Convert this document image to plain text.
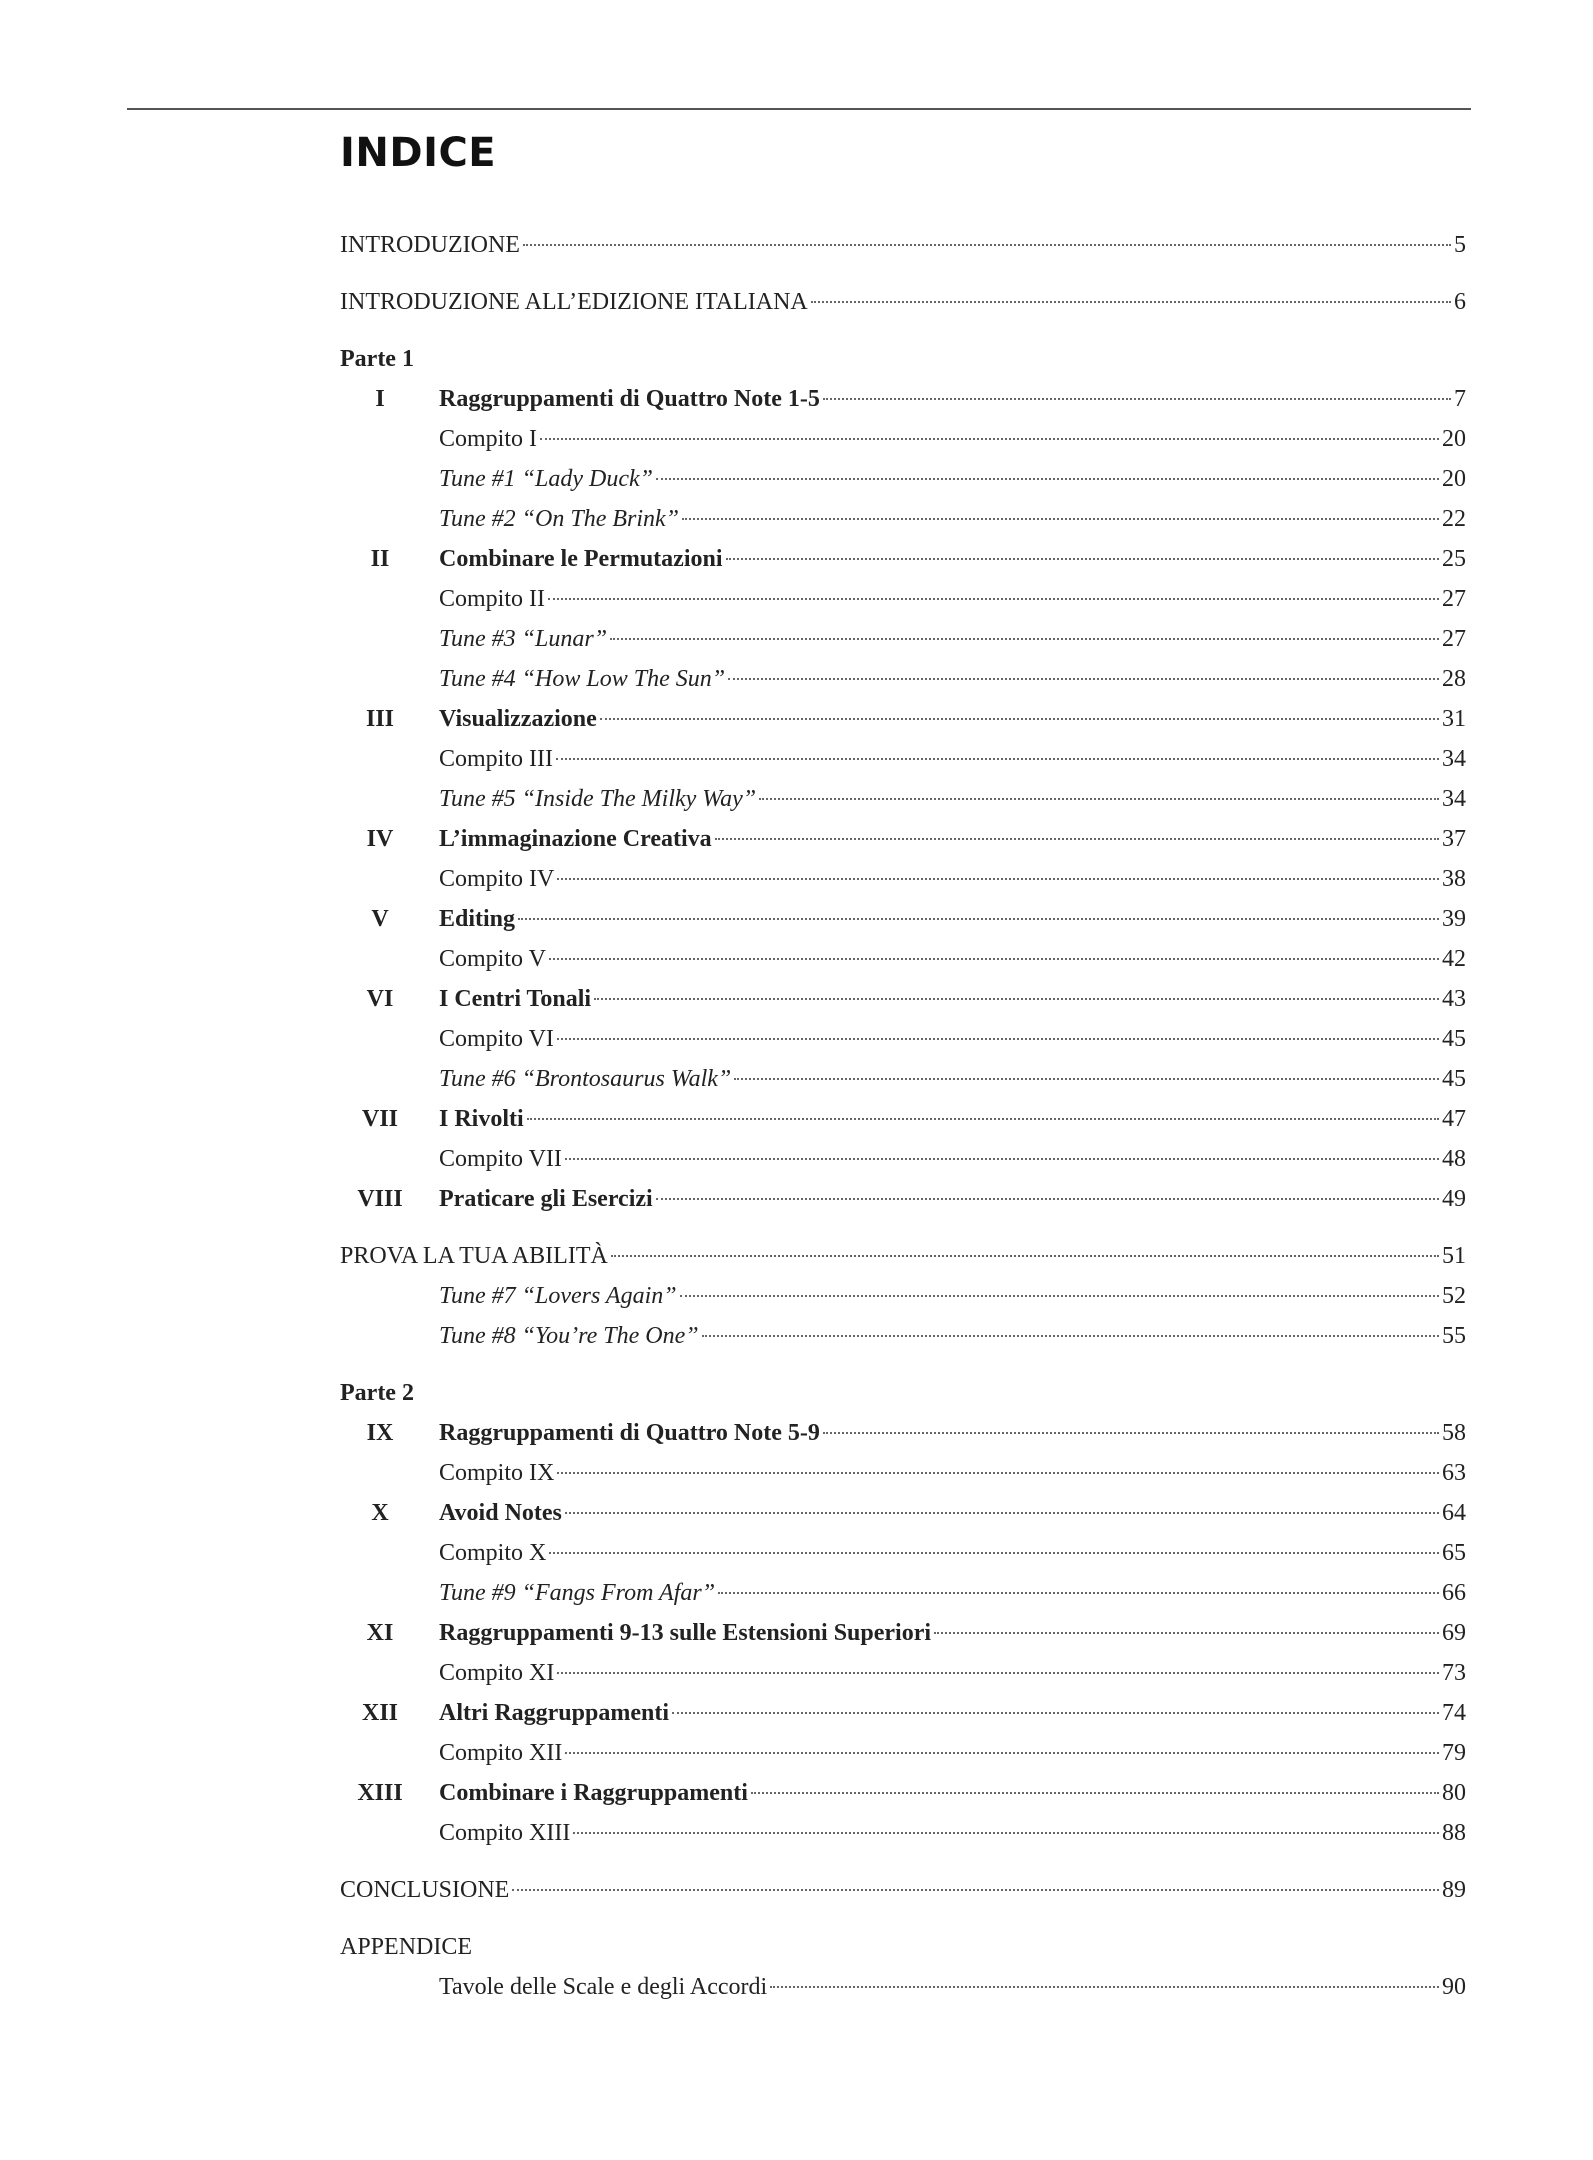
INDICE
INTRODUZIONE	5
INTRODUZIONE ALL’EDIZIONE ITALIANA	6
Parte 1
I	Raggruppamenti di Quattro Note 1-5	7
Compito I	20
Tune #1 “Lady Duck”	20
Tune #2 “On The Brink”	22
II	Combinare le Permutazioni	25
Compito II	27
Tune #3 “Lunar”	27
Tune #4 “How Low The Sun”	28
III	Visualizzazione	31
Compito III	34
Tune #5 “Inside The Milky Way”	34
IV	L’immaginazione Creativa	37
Compito IV	38
V	Editing	39
Compito V	42
VI	I Centri Tonali	43
Compito VI	45
Tune #6 “Brontosaurus Walk”	45
VII	I Rivolti	47
Compito VII	48
VIII	Praticare gli Esercizi	49
PROVA LA TUA ABILITÀ	51
Tune #7 “Lovers Again”	52
Tune #8 “You’re The One”	55
Parte 2
IX	Raggruppamenti di Quattro Note 5-9	58
Compito IX	63
X	Avoid Notes	64
Compito X	65
Tune #9 “Fangs From Afar”	66
XI	Raggruppamenti 9-13 sulle Estensioni Superiori	69
Compito XI	73
XII	Altri Raggruppamenti	74
Compito XII	79
XIII	Combinare i Raggruppamenti	80
Compito XIII	88
CONCLUSIONE	89
APPENDICE
Tavole delle Scale e degli Accordi	90
